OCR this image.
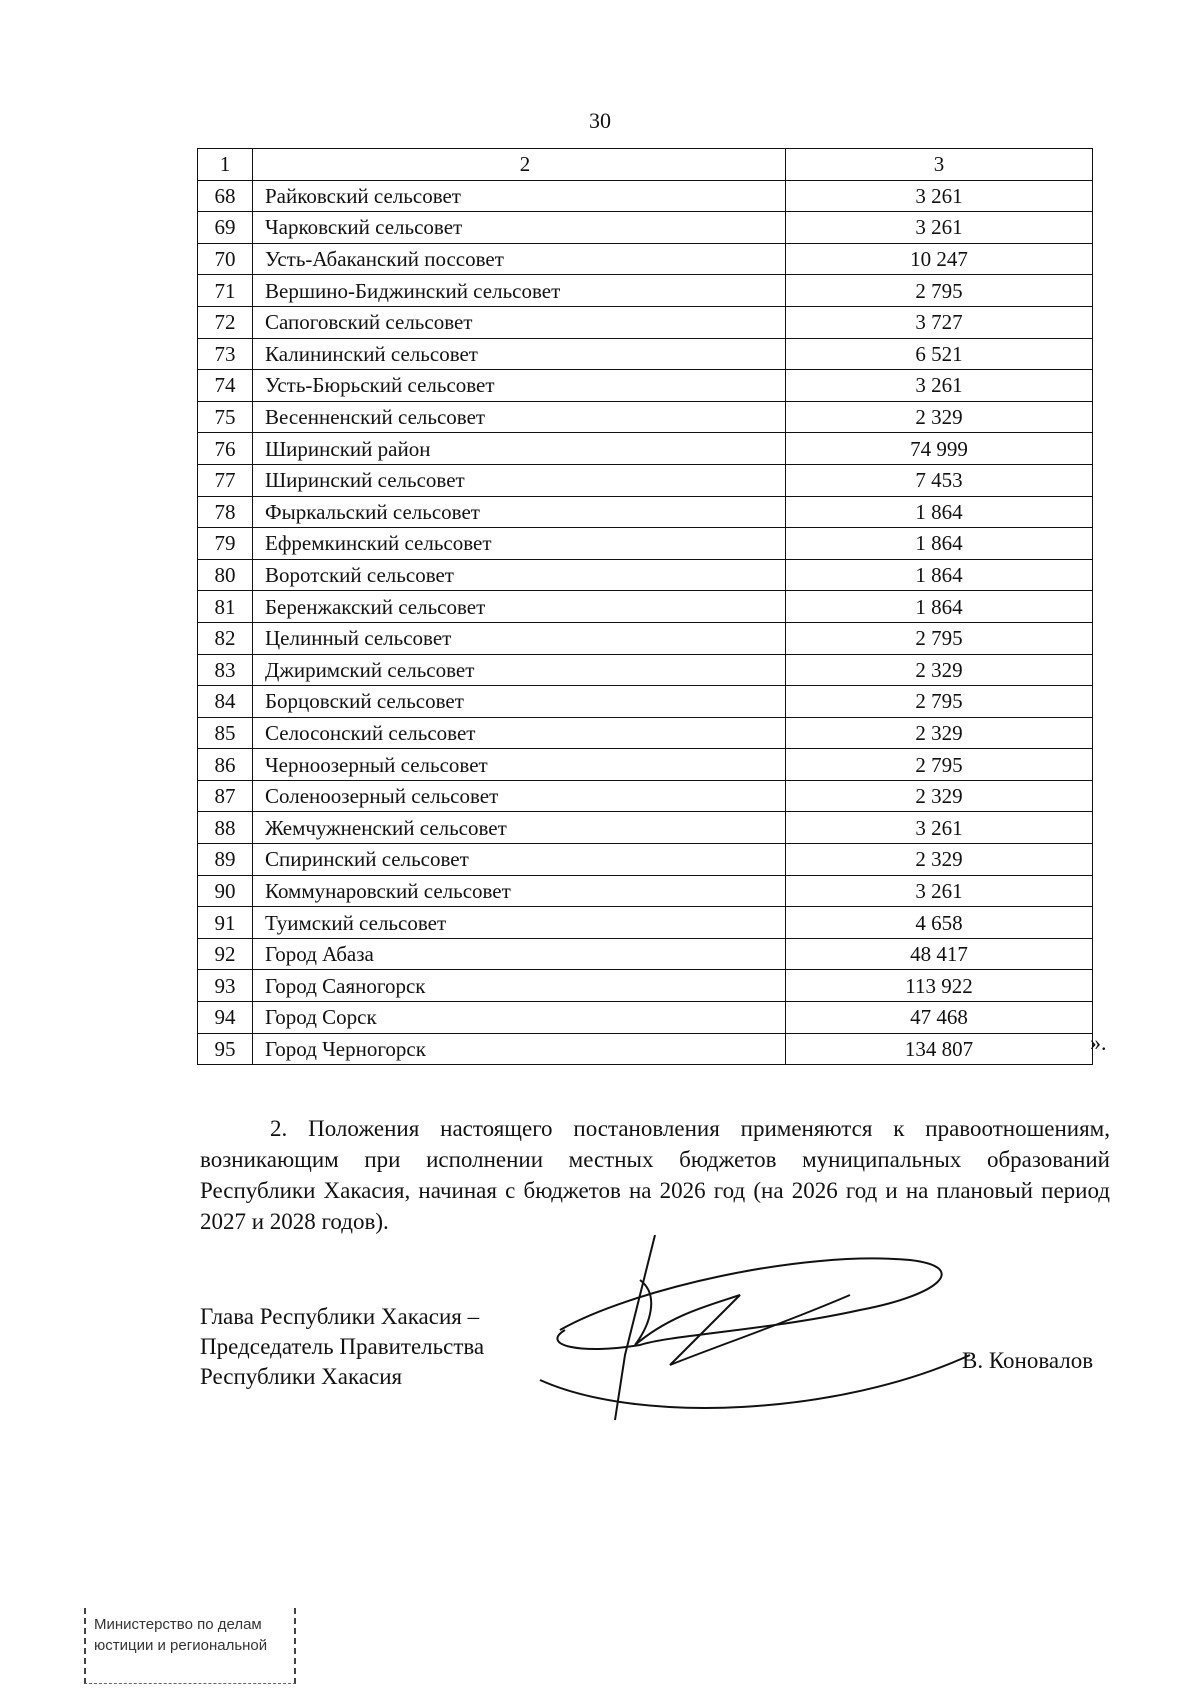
30
1	2	3
68	Райковский сельсовет	3 261
69	Чарковский сельсовет	3 261
70	Усть-Абаканский поссовет	10 247
71	Вершино-Биджинский сельсовет	2 795
72	Сапоговский сельсовет	3 727
73	Калининский сельсовет	6 521
74	Усть-Бюрьский сельсовет	3 261
75	Весенненский сельсовет	2 329
76	Ширинский район	74 999
77	Ширинский сельсовет	7 453
78	Фыркальский сельсовет	1 864
79	Ефремкинский сельсовет	1 864
80	Воротский сельсовет	1 864
81	Беренжакский сельсовет	1 864
82	Целинный сельсовет	2 795
83	Джиримский сельсовет	2 329
84	Борцовский сельсовет	2 795
85	Селосонский сельсовет	2 329
86	Черноозерный сельсовет	2 795
87	Соленоозерный сельсовет	2 329
88	Жемчужненский сельсовет	3 261
89	Спиринский сельсовет	2 329
90	Коммунаровский сельсовет	3 261
91	Туимский сельсовет	4 658
92	Город Абаза	48 417
93	Город Саяногорск	113 922
94	Город Сорск	47 468
95	Город Черногорск	134 807	».

2. Положения настоящего постановления применяются к правоотношениям, возникающим при исполнении местных бюджетов муниципальных образований Республики Хакасия, начиная с бюджетов на 2026 год (на 2026 год и на плановый период 2027 и 2028 годов).

Глава Республики Хакасия –
Председатель Правительства
Республики Хакасия
В. Коновалов
Министерство по делам
юстиции и региональной
